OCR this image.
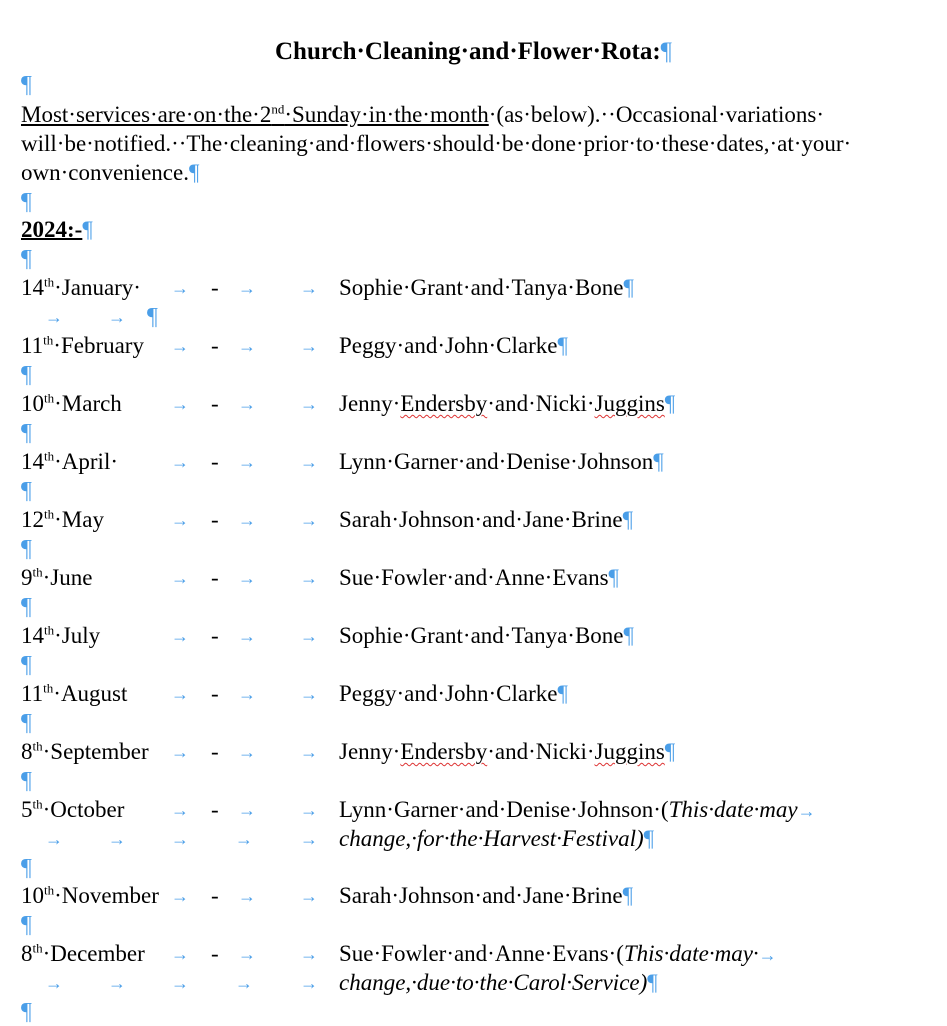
Church·Cleaning·and·Flower·Rota:¶
¶
Most·services·are·on·the·2nd·Sunday·in·the·month·(as·below).··Occasional·variations·
will·be·notified.··The·cleaning·and·flowers·should·be·done·prior·to·these·dates,·at·your·
own·convenience.¶
¶
2024:-¶
¶
14th·January· → - → → Sophie·Grant·and·Tanya·Bone¶
→	→ ¶
11th·February → - → → Peggy·and·John·Clarke¶
¶
10th·March	→ - → → Jenny·Endersby·and·Nicki·Juggins¶
¶
14th·April·	→ - → → Lynn·Garner·and·Denise·Johnson¶
¶
12th·May	→ - → → Sarah·Johnson·and·Jane·Brine¶
¶
9th·June	→ - → → Sue·Fowler·and·Anne·Evans¶
¶
14th·July	→ - → → Sophie·Grant·and·Tanya·Bone¶
¶
11th·August → - → → Peggy·and·John·Clarke¶
¶
8th·September → - → → Jenny·Endersby·and·Nicki·Juggins¶
¶
5th·October	→ - → → Lynn·Garner·and·Denise·Johnson·(This·date·may→
→	→	→	→	→ change,·for·the·Harvest·Festival)¶
¶
10th·November → - → → Sarah·Johnson·and·Jane·Brine¶
¶
8th·December → - → → Sue·Fowler·and·Anne·Evans·(This·date·may·→
→	→	→	→	→ change,·due·to·the·Carol·Service)¶
¶
